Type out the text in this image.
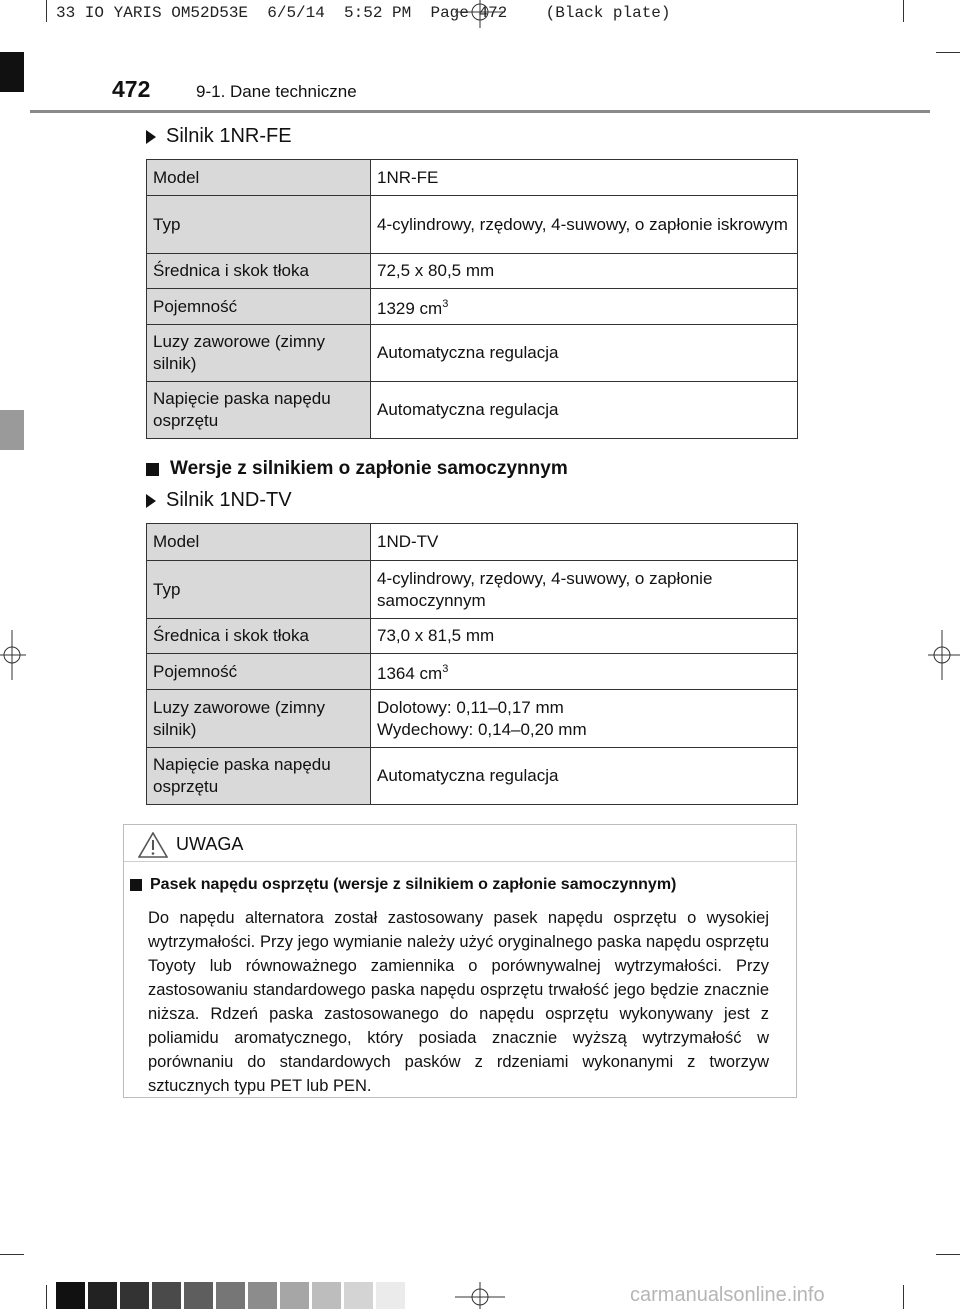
33 IO YARIS OM52D53E  6/5/14  5:52 PM  Page 472    (Black plate)
472	9-1. Dane techniczne
Silnik 1NR-FE
Model	1NR-FE
Typ	4-cylindrowy, rzędowy, 4-suwowy, o zapłonie iskrowym
Średnica i skok tłoka	72,5 x 80,5 mm
Pojemność	1329 $cm^3$
Luzy zaworowe (zimny silnik)	Automatyczna regulacja
Napięcie paska napędu osprzętu	Automatyczna regulacja
Wersje z silnikiem o zapłonie samoczynnym
Silnik 1ND-TV
Model	1ND-TV
Typ	4-cylindrowy, rzędowy, 4-suwowy, o zapłonie samoczynnym
Średnica i skok tłoka	73,0 x 81,5 mm
Pojemność	1364 $cm^3$
Luzy zaworowe (zimny silnik)	Dolotowy: 0,11–0,17 mm
Wydechowy: 0,14–0,20 mm

Napięcie paska napędu osprzętu	Automatyczna regulacja
UWAGA
Pasek napędu osprzętu (wersje z silnikiem o zapłonie samoczynnym)
Do napędu alternatora został zastosowany pasek napędu osprzętu o wysokiej wytrzymałości. Przy jego wymianie należy użyć oryginalnego paska napędu osprzętu Toyoty lub równoważnego zamiennika o porównywalnej wytrzymałości. Przy zastosowaniu standardowego paska napędu osprzętu trwałość jego będzie znacznie niższa. Rdzeń paska zastosowanego do napędu osprzętu wykonywany jest z poliamidu aromatycznego, który posiada znacznie wyższą wytrzymałość w porównaniu do standardowych pasków z rdzeniami wykonanymi z tworzyw sztucznych typu PET lub PEN.
carmanualsonline.info
